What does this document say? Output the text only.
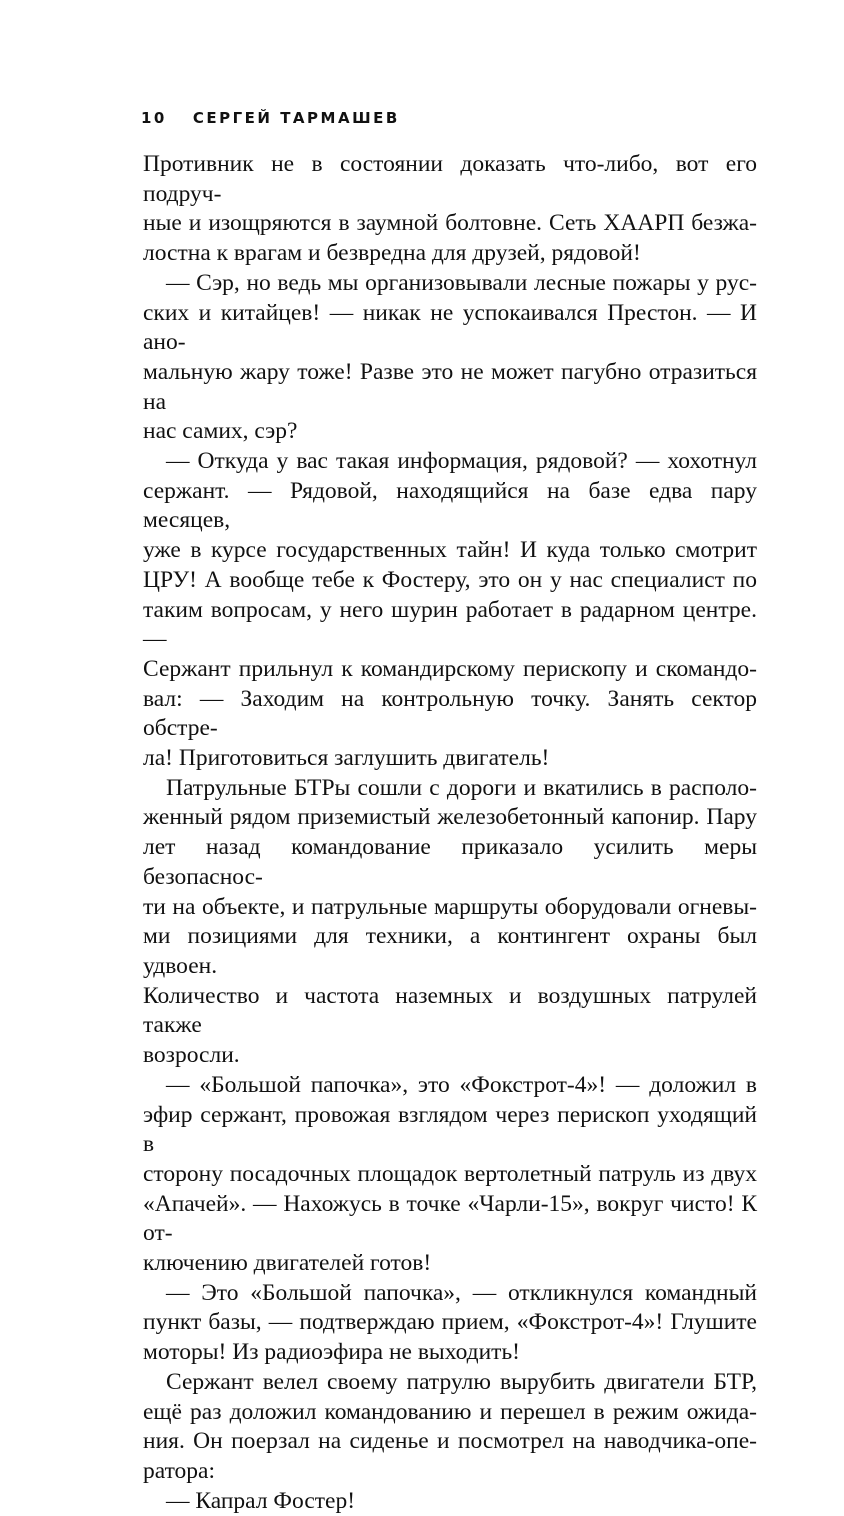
10 СЕРГЕЙ ТАРМАШЕВ

Противник не в состоянии доказать что-либо, вот его подруч-
ные и изощряются в заумной болтовне. Сеть ХААРП безжа-
лостна к врагам и безвредна для друзей, рядовой!

— Сэр, но ведь мы организовывали лесные пожары у рус-
ских и китайцев! — никак не успокаивался Престон. — И ано-
мальную жару тоже! Разве это не может пагубно отразиться на
нас самих, сэр?

— Откуда у вас такая информация, рядовой? — хохотнул
сержант. — Рядовой, находящийся на базе едва пару месяцев,
уже в курсе государственных тайн! И куда только смотрит
ЦРУ! А вообще тебе к Фостеру, это он у нас специалист по
таким вопросам, у него шурин работает в радарном центре. —
Сержант прильнул к командирскому перископу и скомандо-
вал: — Заходим на контрольную точку. Занять сектор обстре-
ла! Приготовиться заглушить двигатель!

Патрульные БТРы сошли с дороги и вкатились в располо-
женный рядом приземистый железобетонный капонир. Пару
лет назад командование приказало усилить меры безопаснос-
ти на объекте, и патрульные маршруты оборудовали огневы-
ми позициями для техники, а контингент охраны был удвоен.
Количество и частота наземных и воздушных патрулей также
возросли.

— «Большой папочка», это «Фокстрот-4»! — доложил в
эфир сержант, провожая взглядом через перископ уходящий в
сторону посадочных площадок вертолетный патруль из двух
«Апачей». — Нахожусь в точке «Чарли-15», вокруг чисто! К от-
ключению двигателей готов!

— Это «Большой папочка», — откликнулся командный
пункт базы, — подтверждаю прием, «Фокстрот-4»! Глушите
моторы! Из радиоэфира не выходить!

Сержант велел своему патрулю вырубить двигатели БТР,
ещё раз доложил командованию и перешел в режим ожида-
ния. Он поерзал на сиденье и посмотрел на наводчика-опе-
ратора:

— Капрал Фостер!
